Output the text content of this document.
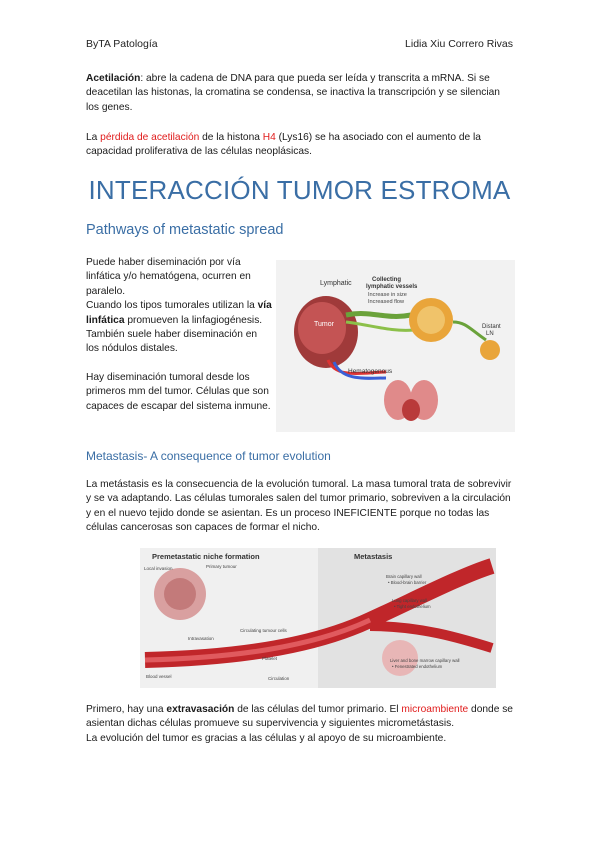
ByTA Patología	Lidia Xiu Correro Rivas
Acetilación: abre la cadena de DNA para que pueda ser leída y transcrita a mRNA. Si se deacetilan las histonas, la cromatina se condensa, se inactiva la transcripción y se silencian los genes.
La pérdida de acetilación de la histona H4 (Lys16) se ha asociado con el aumento de la capacidad proliferativa de las células neoplásicas.
INTERACCIÓN TUMOR ESTROMA
Pathways of metastatic spread
Puede haber diseminación por vía linfática y/o hematógena, ocurren en paralelo.
Cuando los tipos tumorales utilizan la vía linfática promueven la linfagiogénesis. También suele haber diseminación en los nódulos distales.
Hay diseminación tumoral desde los primeros mm del tumor. Células que son capaces de escapar del sistema inmune.
Lymphatic	Collecting
lymphatic vessels
Increase in size
Increased flow
Tumor	Distant
LN
Hematogenous
Metastasis- A consequence of tumor evolution
La metástasis es la consecuencia de la evolución tumoral. La masa tumoral trata de sobrevivir y se va adaptando. Las células tumorales salen del tumor primario, sobreviven a la circulación y en el nuevo tejido donde se asientan. Es un proceso INEFICIENTE porque no todas las células cancerosas son capaces de formar el nicho.
Premetastatic niche formation	Metastasis
Local invasion	Primary tumour
Circulating tumour cells
Intravasation
Platelet
Blood vessel	Circulation
Brain capillary wall
• Blood-brain barrier
Lung capillary wall
• Tight endothelium
Liver and bone marrow capillary wall
• Fenestrated endothelium
Primero, hay una extravasación de las células del tumor primario. El microambiente donde se asientan dichas células promueve su supervivencia y siguientes micrometástasis.
La evolución del tumor es gracias a las células y al apoyo de su microambiente.
